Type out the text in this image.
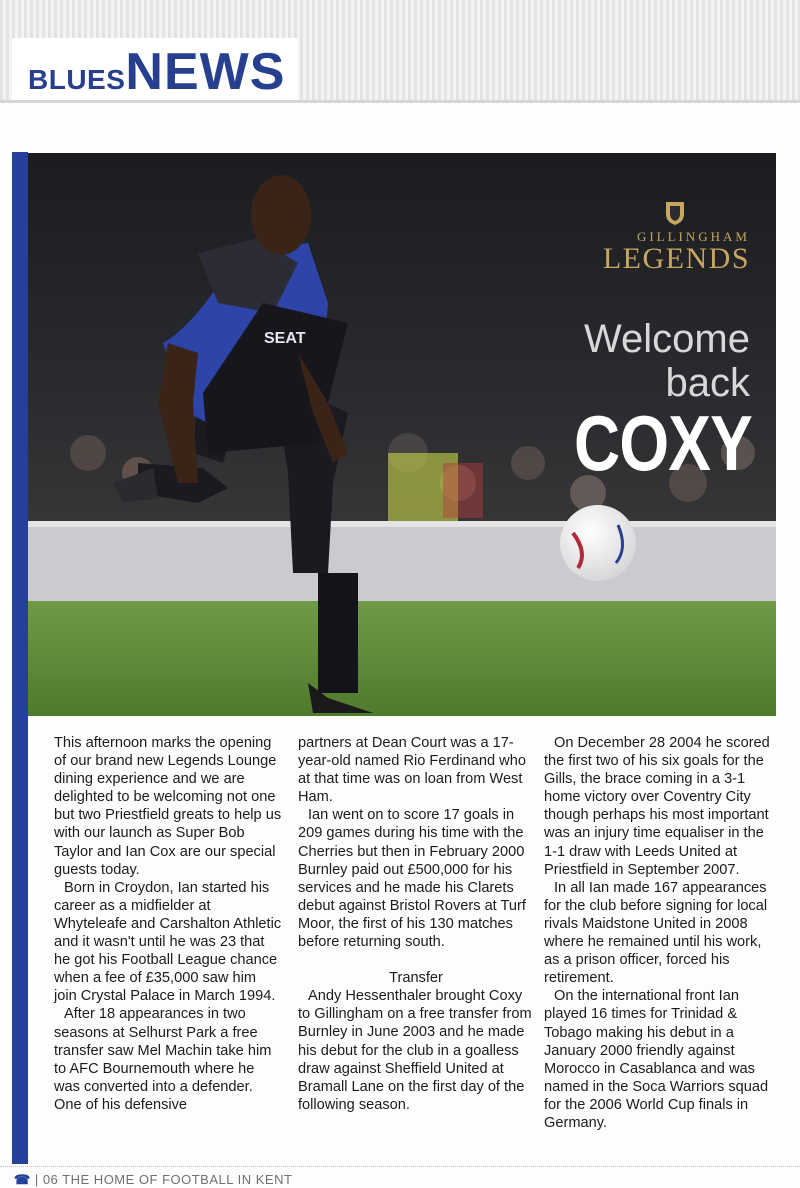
BLUESNEWS
SEAT
GILLINGHAM
LEGENDS
Welcome
back
COXY

This afternoon marks the opening of our brand new Legends Lounge dining experience and we are delighted to be welcoming not one but two Priestfield greats to help us with our launch as Super Bob Taylor and Ian Cox are our special guests today.

Born in Croydon, Ian started his career as a midfielder at Whyteleafe and Carshalton Athletic and it wasn't until he was 23 that he got his Football League chance when a fee of £35,000 saw him join Crystal Palace in March 1994.

After 18 appearances in two seasons at Selhurst Park a free transfer saw Mel Machin take him to AFC Bournemouth where he was converted into a defender. One of his defensive

partners at Dean Court was a 17-year-old named Rio Ferdinand who at that time was on loan from West Ham.

Ian went on to score 17 goals in 209 games during his time with the Cherries but then in February 2000 Burnley paid out £500,000 for his services and he made his Clarets debut against Bristol Rovers at Turf Moor, the first of his 130 matches before returning south.

Transfer

Andy Hessenthaler brought Coxy to Gillingham on a free transfer from Burnley in June 2003 and he made his debut for the club in a goalless draw against Sheffield United at Bramall Lane on the first day of the following season.

On December 28 2004 he scored the first two of his six goals for the Gills, the brace coming in a 3-1 home victory over Coventry City though perhaps his most important was an injury time equaliser in the 1-1 draw with Leeds United at Priestfield in September 2007.

In all Ian made 167 appearances for the club before signing for local rivals Maidstone United in 2008 where he remained until his work, as a prison officer, forced his retirement.

On the international front Ian played 16 times for Trinidad & Tobago making his debut in a January 2000 friendly against Morocco in Casablanca and was named in the Soca Warriors squad for the 2006 World Cup finals in Germany.

☎ | 06 THE HOME OF FOOTBALL IN KENT
